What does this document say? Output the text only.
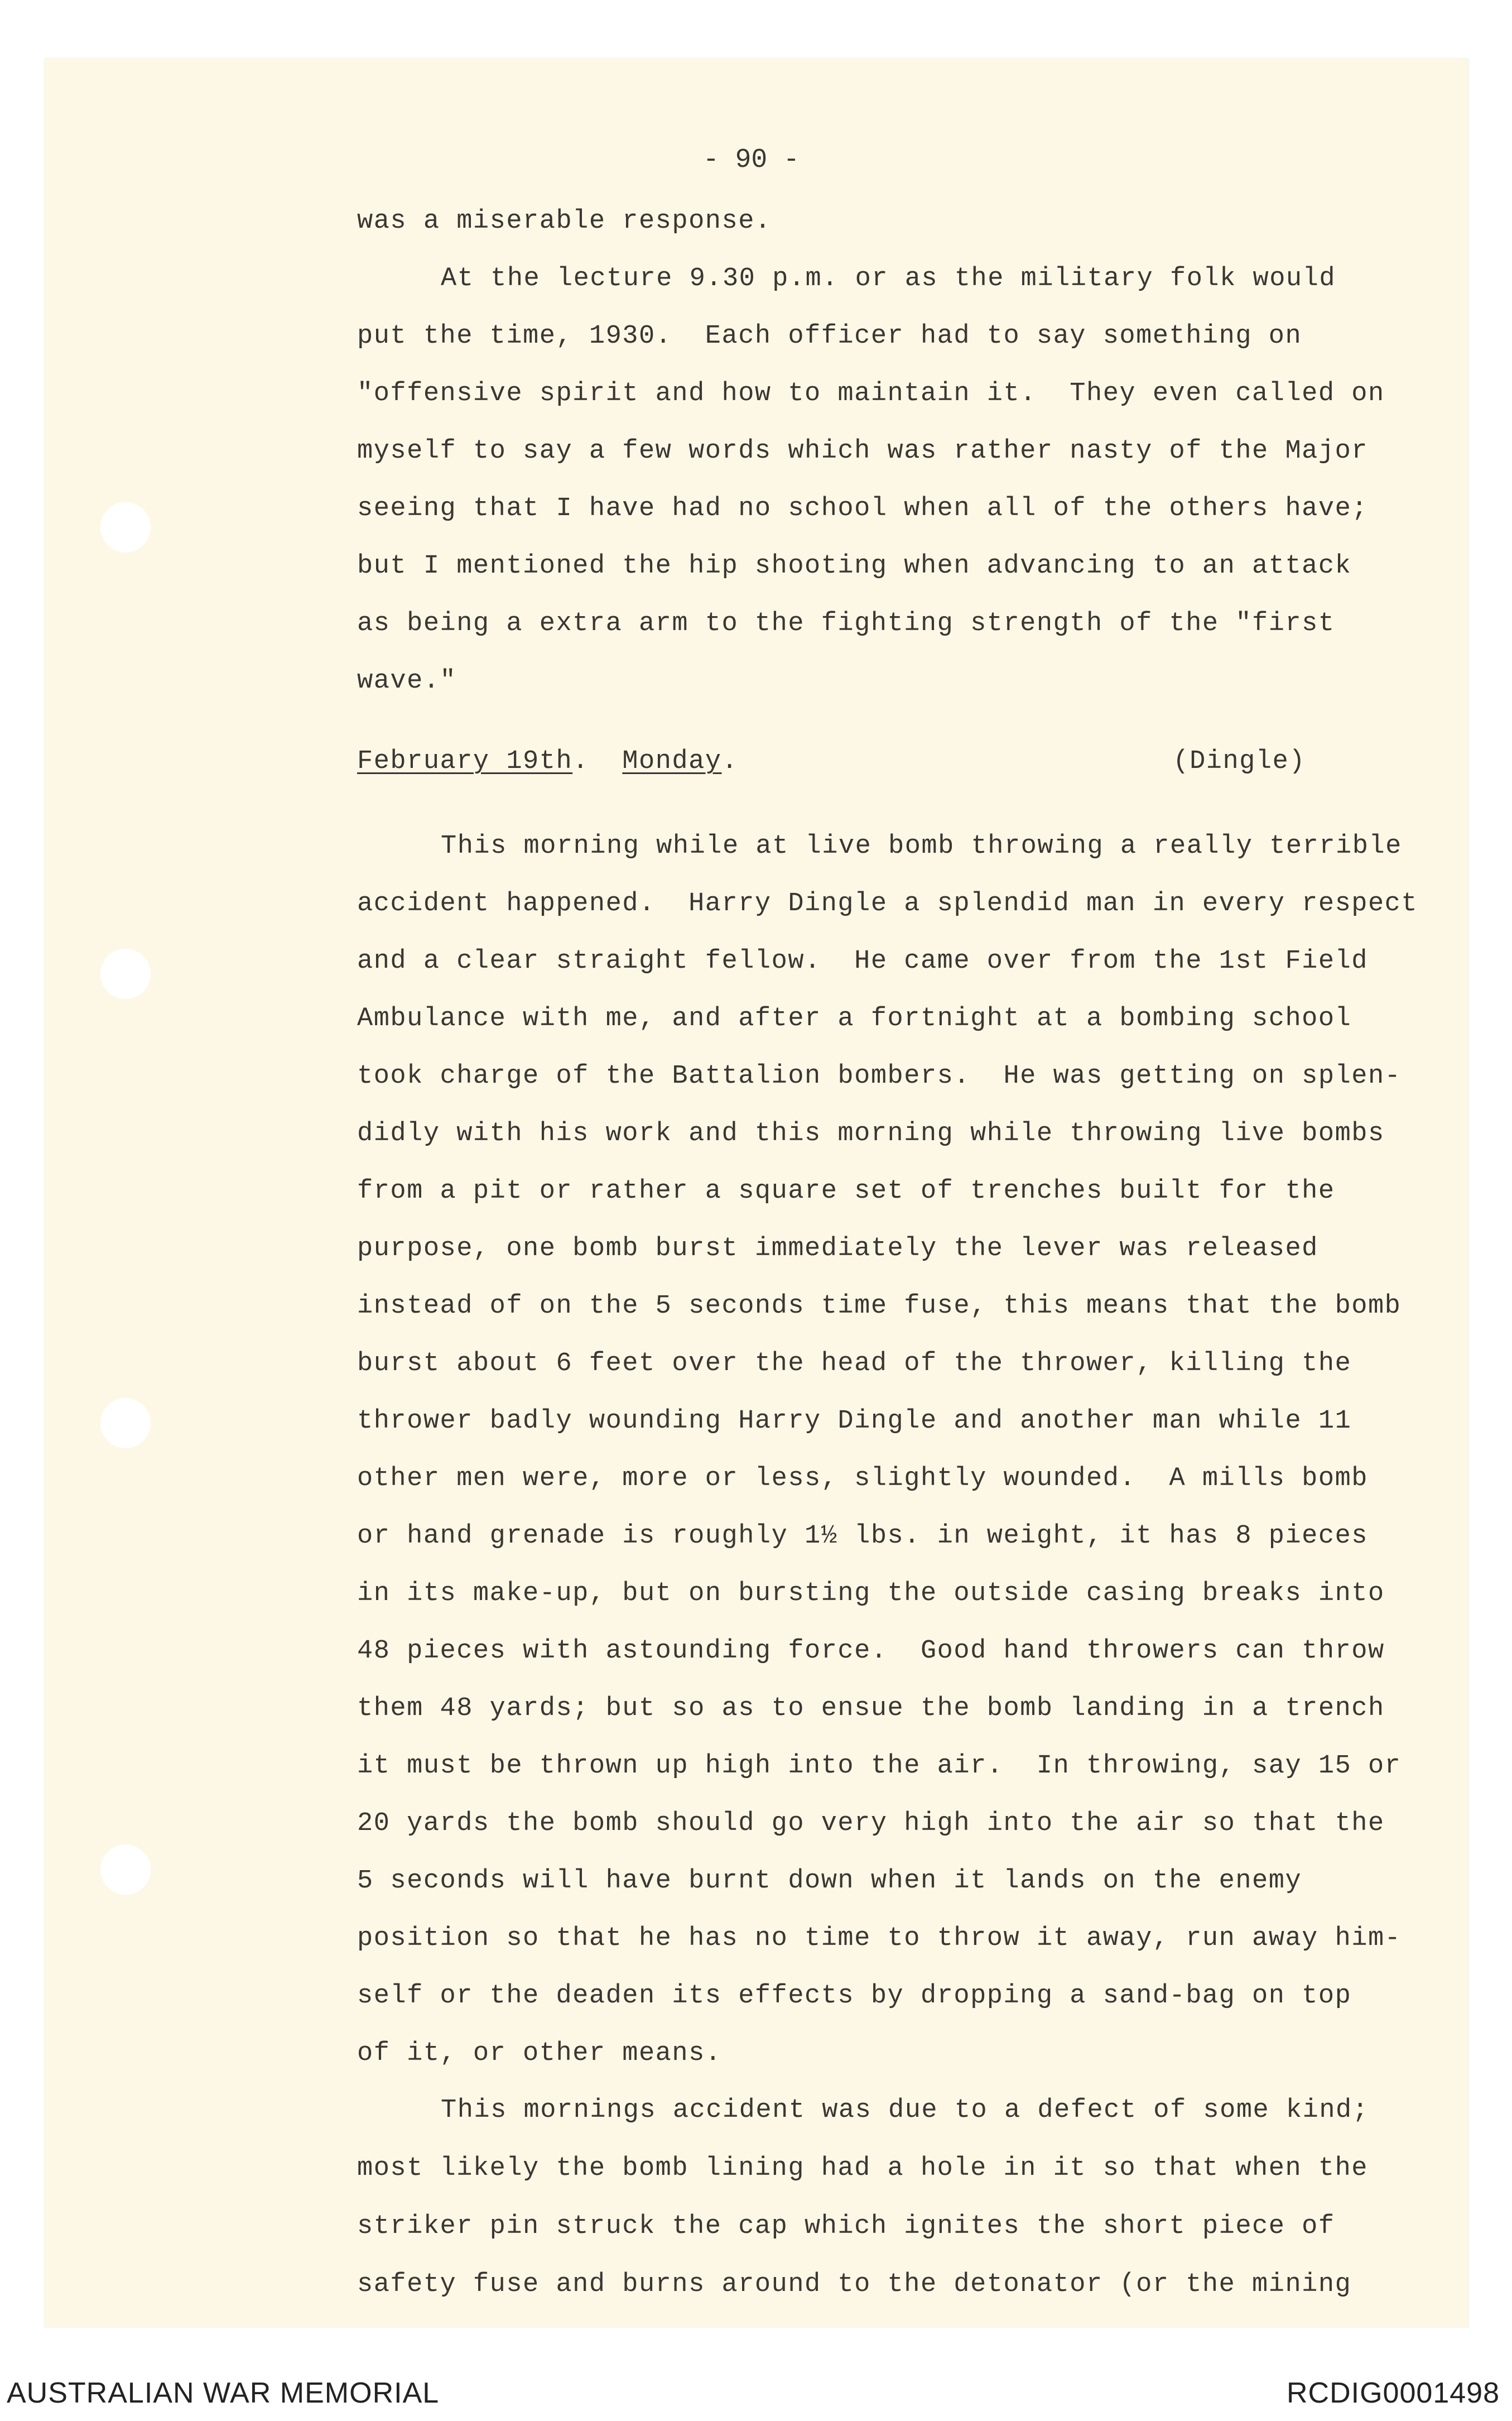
- 90 -
was a miserable response.
At the lecture 9.30 p.m. or as the military folk would
put the time, 1930.  Each officer had to say something on
"offensive spirit and how to maintain it.  They even called on
myself to say a few words which was rather nasty of the Major
seeing that I have had no school when all of the others have;
but I mentioned the hip shooting when advancing to an attack
as being a extra arm to the fighting strength of the "first
wave."
February 19th.  Monday.	(Dingle)
This morning while at live bomb throwing a really terrible
accident happened.  Harry Dingle a splendid man in every respect
and a clear straight fellow.  He came over from the 1st Field
Ambulance with me, and after a fortnight at a bombing school
took charge of the Battalion bombers.  He was getting on splen-
didly with his work and this morning while throwing live bombs
from a pit or rather a square set of trenches built for the
purpose, one bomb burst immediately the lever was released
instead of on the 5 seconds time fuse, this means that the bomb
burst about 6 feet over the head of the thrower, killing the
thrower badly wounding Harry Dingle and another man while 11
other men were, more or less, slightly wounded.  A mills bomb
or hand grenade is roughly 1½ lbs. in weight, it has 8 pieces
in its make-up, but on bursting the outside casing breaks into
48 pieces with astounding force.  Good hand throwers can throw
them 48 yards; but so as to ensue the bomb landing in a trench
it must be thrown up high into the air.  In throwing, say 15 or
20 yards the bomb should go very high into the air so that the
5 seconds will have burnt down when it lands on the enemy
position so that he has no time to throw it away, run away him-
self or the deaden its effects by dropping a sand-bag on top
of it, or other means.
This mornings accident was due to a defect of some kind;
most likely the bomb lining had a hole in it so that when the
striker pin struck the cap which ignites the short piece of
safety fuse and burns around to the detonator (or the mining
AUSTRALIAN WAR MEMORIAL	RCDIG0001498
